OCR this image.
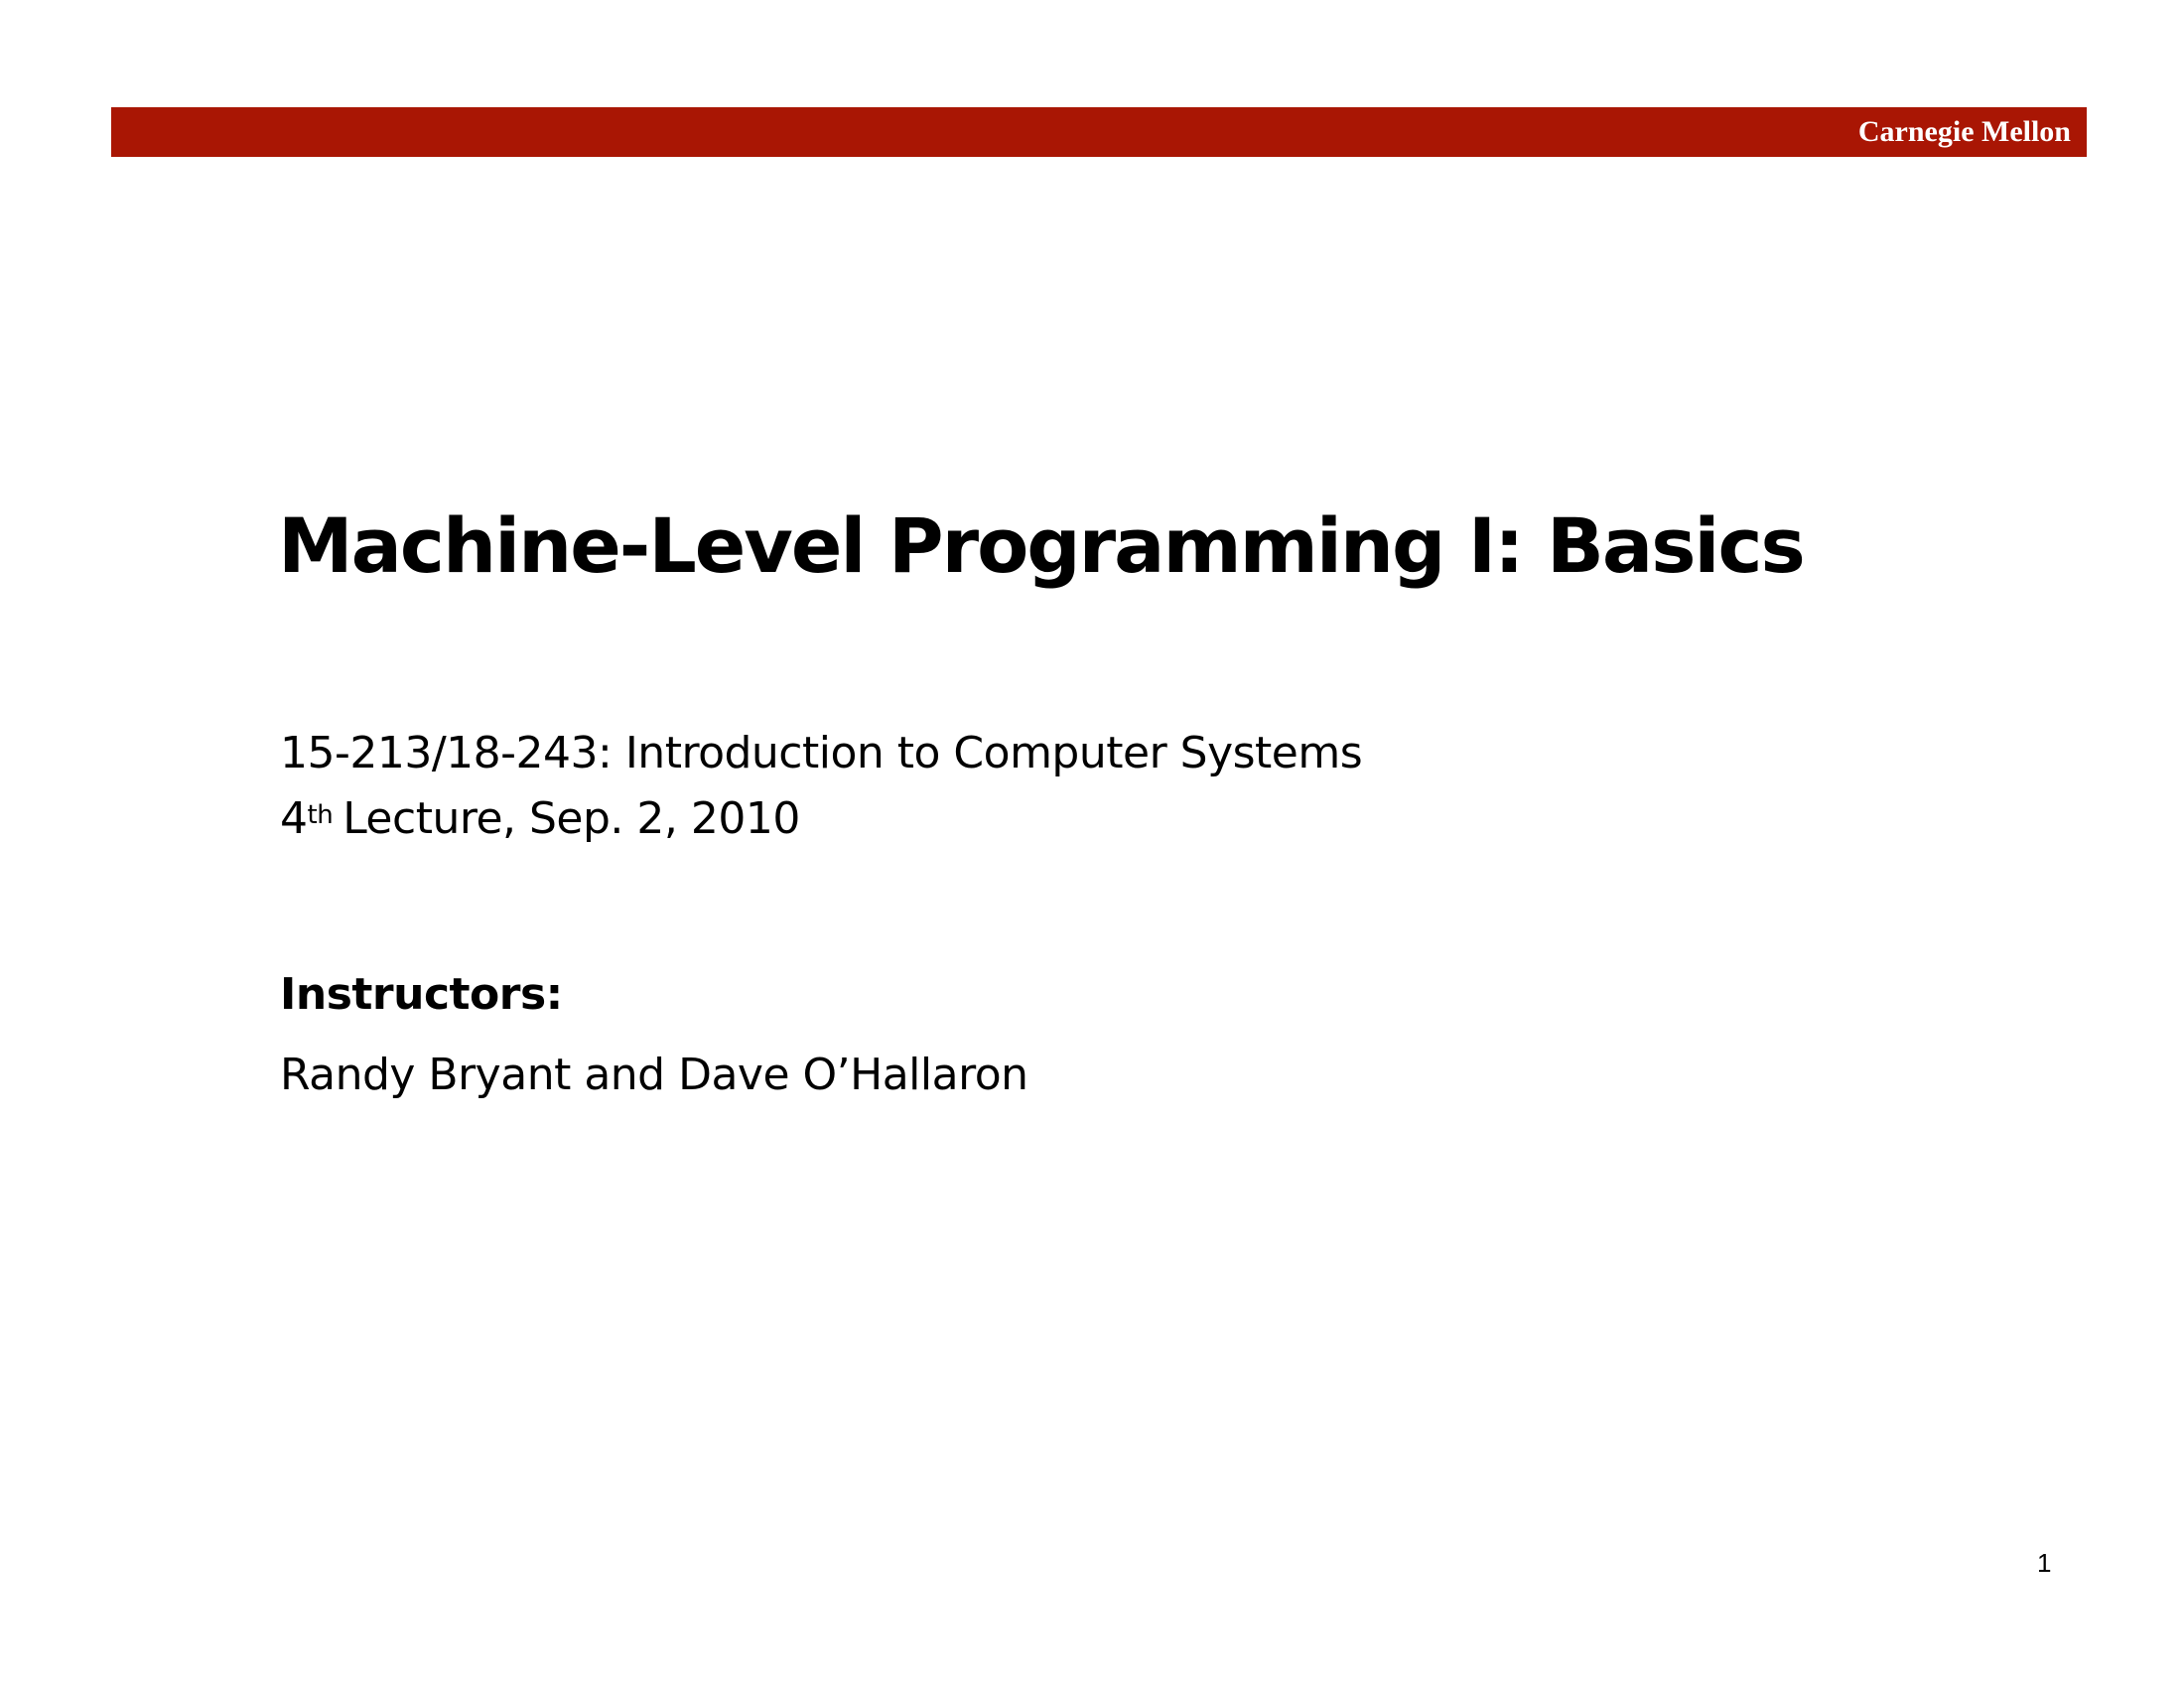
Carnegie Mellon
Machine-Level Programming I: Basics
15-213/18-243: Introduction to Computer Systems
4th Lecture, Sep. 2, 2010
Instructors:
Randy Bryant and Dave O’Hallaron
1
